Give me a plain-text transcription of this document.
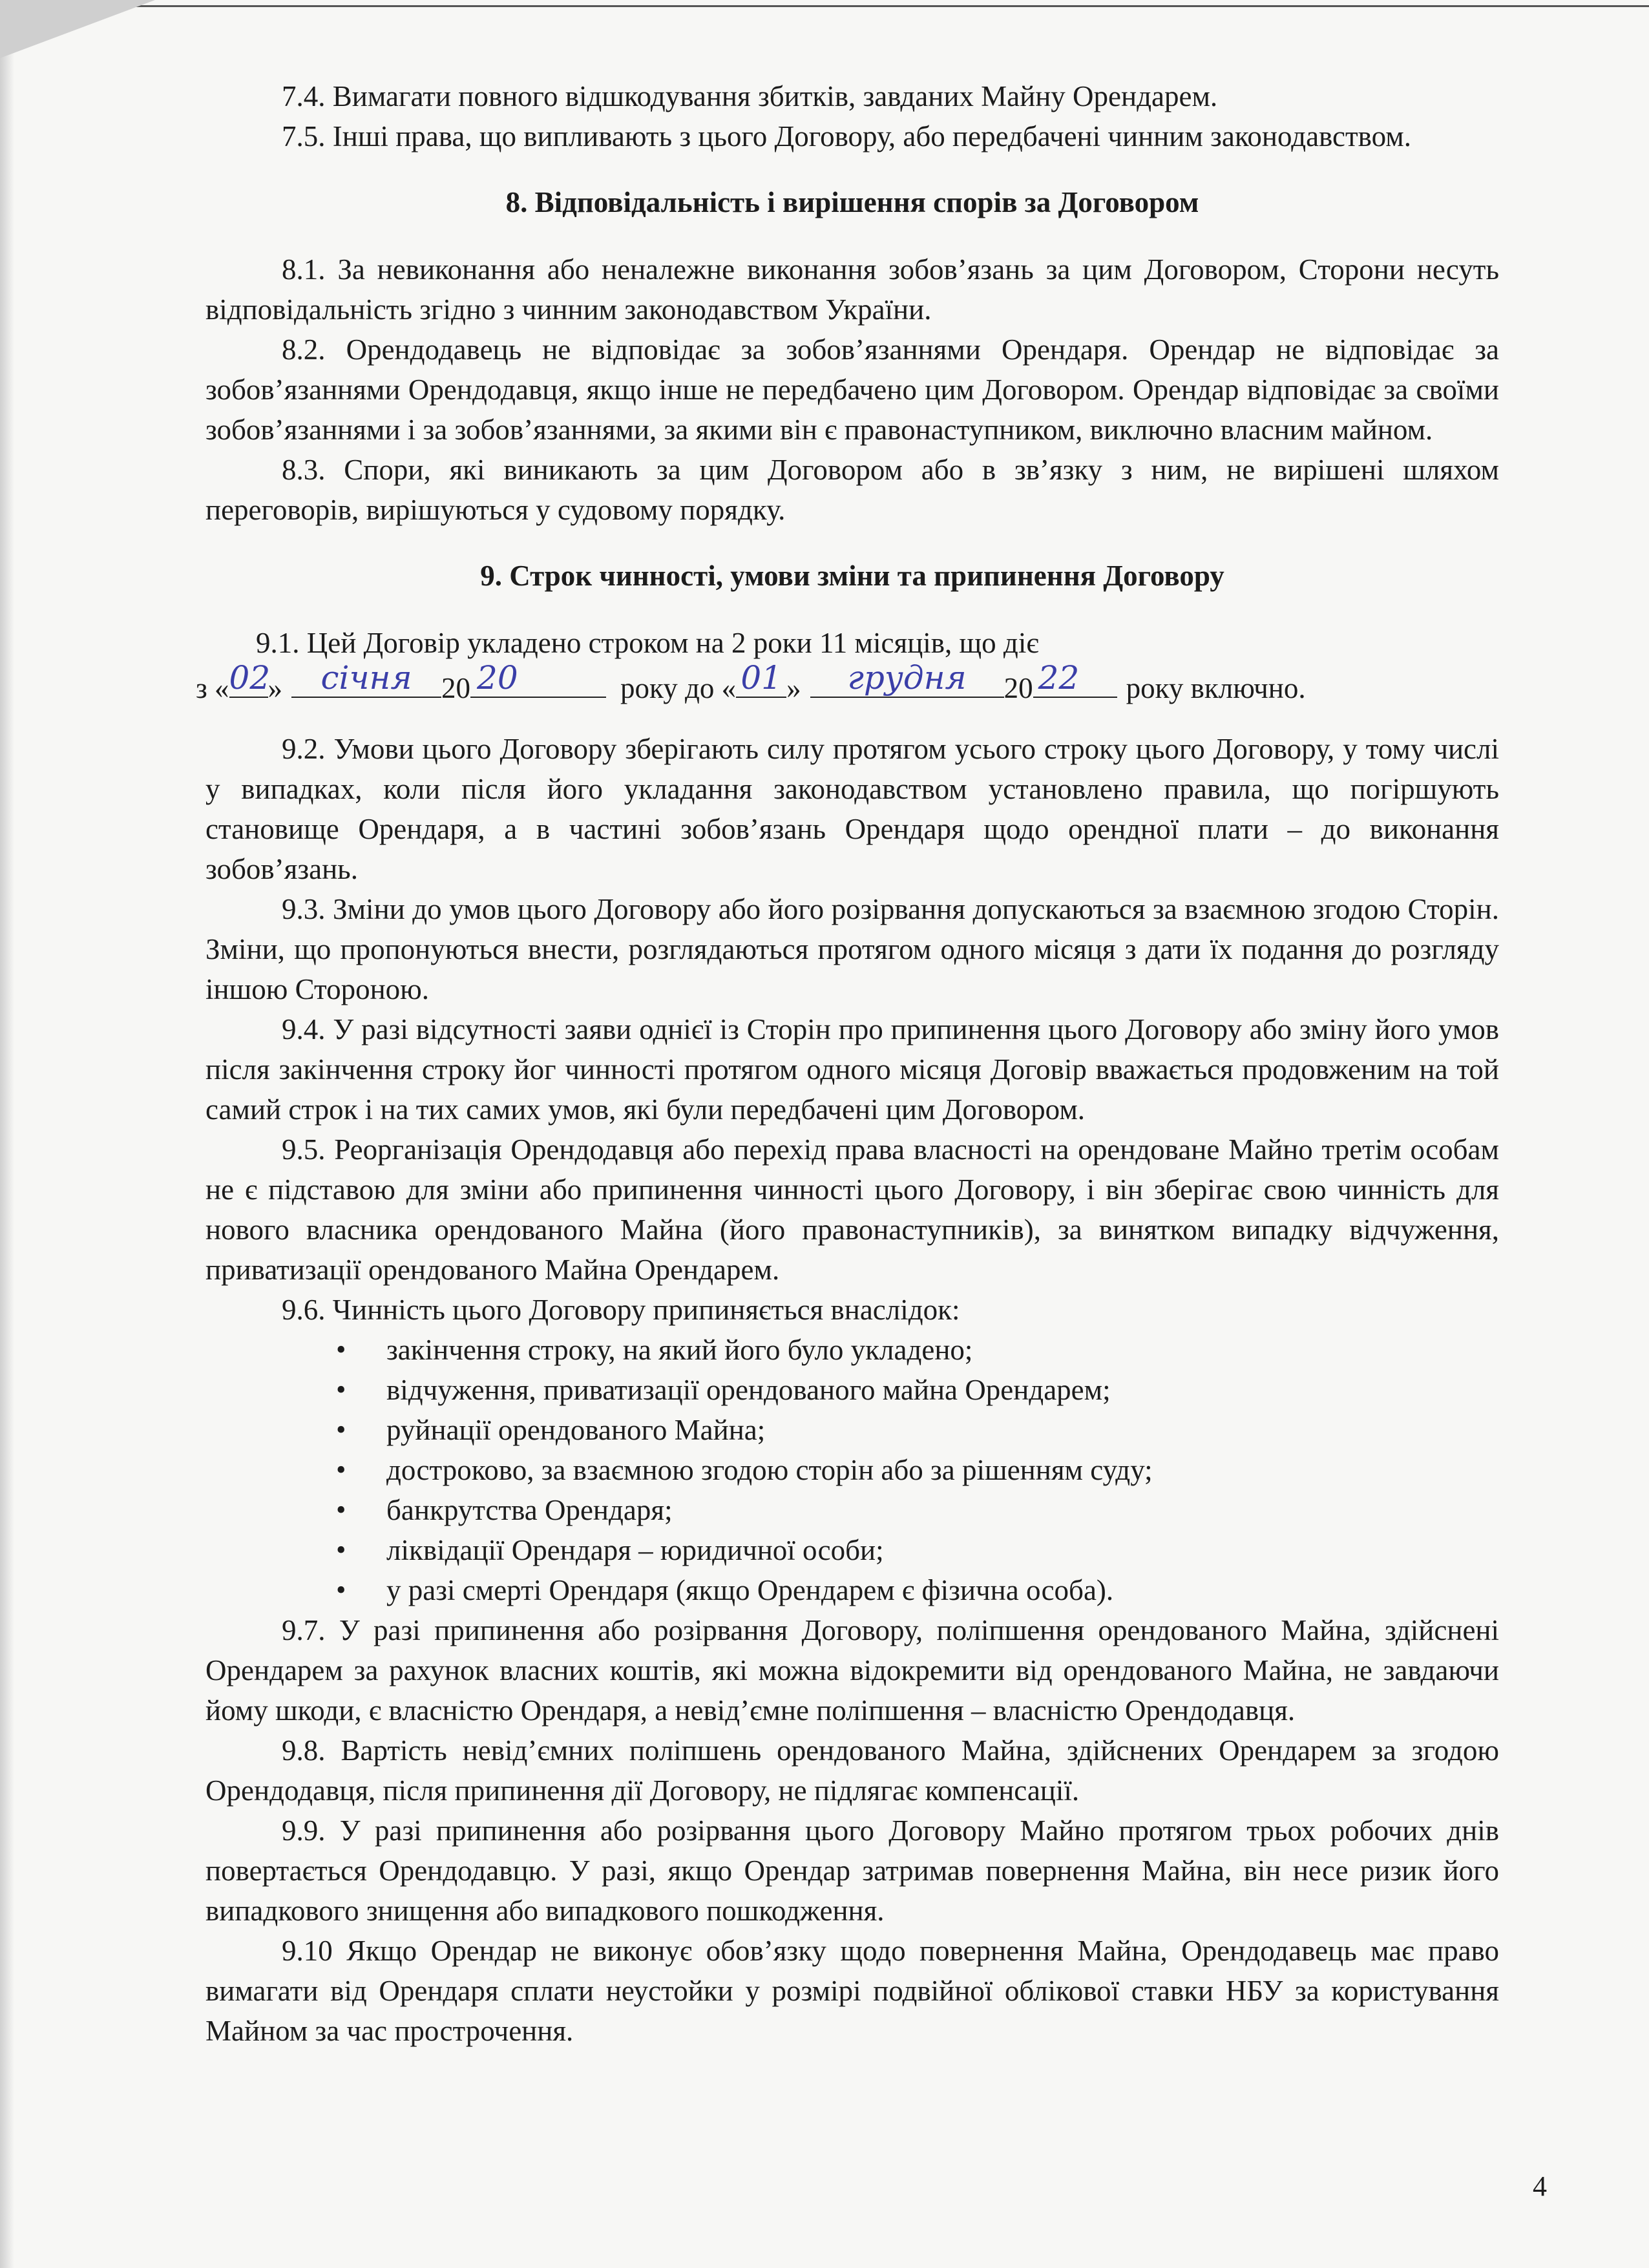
7.4. Вимагати повного відшкодування збитків, завданих Майну Орендарем.

7.5. Інші права, що випливають з цього Договору, або передбачені чинним законодавством.

8. Відповідальність і вирішення спорів за Договором

8.1. За невиконання або неналежне виконання зобов’язань за цим Договором, Сторони несуть відповідальність згідно з чинним законодавством України.

8.2. Орендодавець не відповідає за зобов’язаннями Орендаря. Орендар не відповідає за зобов’язаннями Орендодавця, якщо інше не передбачено цим Договором. Орендар відповідає за своїми зобов’язаннями і за зобов’язаннями, за якими він є правонаступником, виключно власним майном.

8.3. Спори, які виникають за цим Договором або в зв’язку з ним, не вирішені шляхом переговорів, вирішуються у судовому порядку.

9. Строк чинності, умови зміни та припинення Договору

9.1. Цей Договір укладено строком на 2 роки 11 місяців, що діє

з « 02
»	січня	20 20	року до « 01 »	грудня	20 22	року включно.

9.2. Умови цього Договору зберігають силу протягом усього строку цього Договору, у тому числі у випадках, коли після його укладання законодавством установлено правила, що погіршують становище Орендаря, а в частині зобов’язань Орендаря щодо орендної плати – до виконання зобов’язань.

9.3. Зміни до умов цього Договору або його розірвання допускаються за взаємною згодою Сторін. Зміни, що пропонуються внести, розглядаються протягом одного місяця з дати їх подання до розгляду іншою Стороною.

9.4. У разі відсутності заяви однієї із Сторін про припинення цього Договору або зміну його умов після закінчення строку йог чинності протягом одного місяця Договір вважається продовженим на той самий строк і на тих самих умов, які були передбачені цим Договором.

9.5. Реорганізація Орендодавця або перехід права власності на орендоване Майно третім особам не є підставою для зміни або припинення чинності цього Договору, і він зберігає свою чинність для нового власника орендованого Майна (його правонаступників), за винятком випадку відчуження, приватизації орендованого Майна Орендарем.

9.6. Чинність цього Договору припиняється внаслідок:

• закінчення строку, на який його було укладено;
• відчуження, приватизації орендованого майна Орендарем;
• руйнації орендованого Майна;
• достроково, за взаємною згодою сторін або за рішенням суду;
• банкрутства Орендаря;
• ліквідації Орендаря – юридичної особи;
• у разі смерті Орендаря (якщо Орендарем є фізична особа).

9.7. У разі припинення або розірвання Договору, поліпшення орендованого Майна, здійснені Орендарем за рахунок власних коштів, які можна відокремити від орендованого Майна, не завдаючи йому шкоди, є власністю Орендаря, а невід’ємне поліпшення – власністю Орендодавця.

9.8. Вартість невід’ємних поліпшень орендованого Майна, здійснених Орендарем за згодою Орендодавця, після припинення дії Договору, не підлягає компенсації.

9.9. У разі припинення або розірвання цього Договору Майно протягом трьох робочих днів повертається Орендодавцю. У разі, якщо Орендар затримав повернення Майна, він несе ризик його випадкового знищення або випадкового пошкодження.

9.10 Якщо Орендар не виконує обов’язку щодо повернення Майна, Орендодавець має право вимагати від Орендаря сплати неустойки у розмірі подвійної облікової ставки НБУ за користування Майном за час прострочення.

4
